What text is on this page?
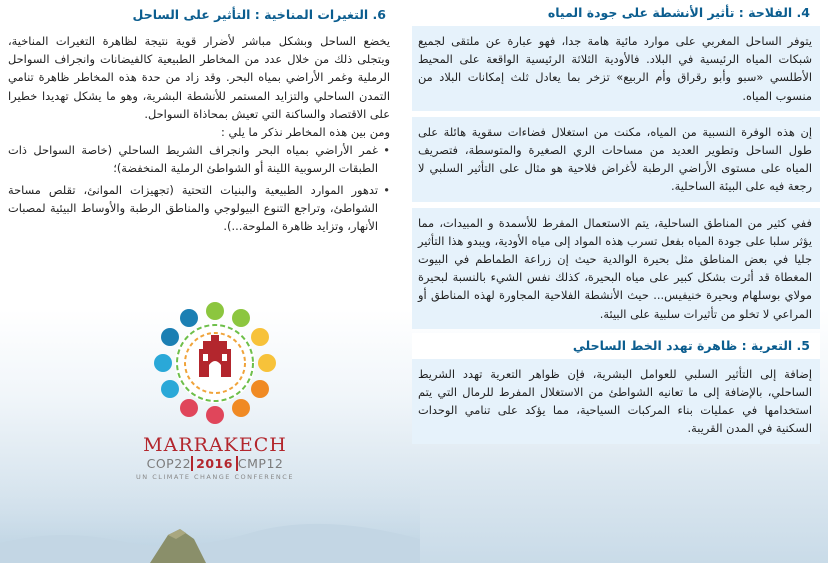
4. الفلاحة : تأثير الأنشطة على جودة المياه

يتوفر الساحل المغربي على موارد مائية هامة جدا، فهو عبارة عن ملتقى لجميع شبكات المياه الرئيسية في البلاد. فالأودية الثلاثة الرئيسية الواقعة على المحيط الأطلسي «سبو وأبو رقراق وأم الربيع» تزخر بما يعادل ثلث إمكانات البلاد من منسوب المياه.

إن هذه الوفرة النسبية من المياه، مكنت من استغلال فضاءات سقوية هائلة على طول الساحل وتطوير العديد من مساحات الري الصغيرة والمتوسطة، فتصريف المياه على مستوى الأراضي الرطبة لأغراض فلاحية هو مثال على التأثير السلبي لا رجعة فيه على البيئة الساحلية.

ففي كثير من المناطق الساحلية، يتم الاستعمال المفرط للأسمدة و المبيدات، مما يؤثر سلبا على جودة المياه بفعل تسرب هذه المواد إلى مياه الأودية، ويبدو هذا التأثير جليا في بعض المناطق مثل بحيرة الوالدية حيث إن زراعة الطماطم في البيوت المغطاة قد أثرت بشكل كبير على مياه البحيرة، كذلك نفس الشيء بالنسبة لبحيرة مولاي بوسلهام وبحيرة خنيفيس... حيث الأنشطة الفلاحية المجاورة لهذه المناطق أو المراعي لا تخلو من تأثيرات سلبية على البيئة.

5. التعرية : ظاهرة تهدد الخط الساحلي

إضافة إلى التأثير السلبي للعوامل البشرية، فإن ظواهر التعرية تهدد الشريط الساحلي، بالإضافة إلى ما تعانيه الشواطئ من الاستغلال المفرط للرمال التي يتم استخدامها في عمليات بناء المركبات السياحية، مما يؤكد على تنامي الوحدات السكنية في المدن القريبة.

6. التغيرات المناخية : التأثير على الساحل

يخضع الساحل وبشكل مباشر لأضرار قوية نتيجة لظاهرة التغيرات المناخية، ويتجلى ذلك من خلال عدد من المخاطر الطبيعية كالفيضانات وانجراف السواحل الرملية وغمر الأراضي بمياه البحر. وقد زاد من حدة هذه المخاطر ظاهرة تنامي التمدن الساحلي والتزايد المستمر للأنشطة البشرية، وهو ما يشكل تهديدا خطيرا على الاقتصاد والساكنة التي تعيش بمحاذاة السواحل.

ومن بين هذه المخاطر نذكر ما يلي :

• غمر الأراضي بمياه البحر وانجراف الشريط الساحلي (خاصة السواحل ذات الطبقات الرسوبية اللينة أو الشواطئ الرملية المنخفضة)؛

• تدهور الموارد الطبيعية والبنيات التحتية (تجهيزات الموانئ، تقلص مساحة الشواطئ، وتراجع التنوع البيولوجي والمناطق الرطبة والأوساط البيئية لمصبات الأنهار، وتزايد ظاهرة الملوحة...).

MARRAKECH
COP22 2016 CMP12
UN CLIMATE CHANGE CONFERENCE
